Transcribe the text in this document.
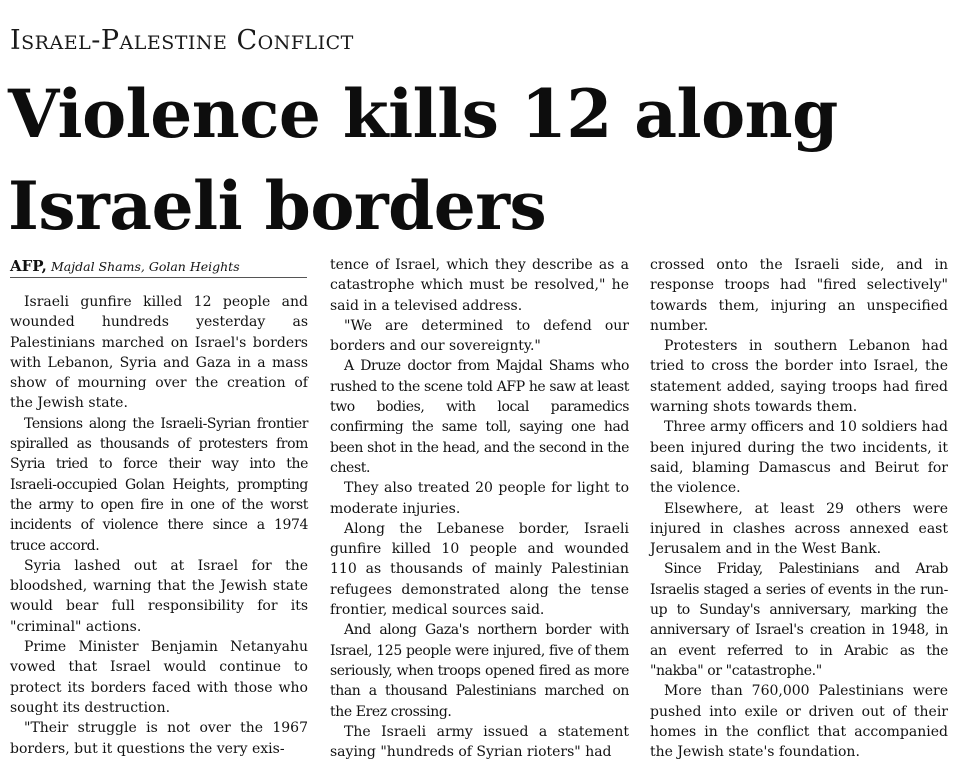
Israel-Palestine Conflict
Violence kills 12 along
Israeli borders
AFP, Majdal Shams, Golan Heights

Israeli gunfire killed 12 people and wounded hundreds yesterday as Palestinians marched on Israel's borders with Lebanon, Syria and Gaza in a mass show of mourning over the creation of the Jewish state.

Tensions along the Israeli-Syrian frontier spiralled as thousands of protesters from Syria tried to force their way into the Israeli-occupied Golan Heights, prompting the army to open fire in one of the worst incidents of violence there since a 1974 truce accord.

Syria lashed out at Israel for the bloodshed, warning that the Jewish state would bear full responsibility for its "criminal" actions.

Prime Minister Benjamin Netanyahu vowed that Israel would continue to protect its borders faced with those who sought its destruction.

"Their struggle is not over the 1967 borders, but it questions the very exis-

tence of Israel, which they describe as a catastrophe which must be resolved," he said in a televised address.

"We are determined to defend our borders and our sovereignty."

A Druze doctor from Majdal Shams who rushed to the scene told AFP he saw at least two bodies, with local paramedics confirming the same toll, saying one had been shot in the head, and the second in the chest.

They also treated 20 people for light to moderate injuries.

Along the Lebanese border, Israeli gunfire killed 10 people and wounded 110 as thousands of mainly Palestinian refugees demonstrated along the tense frontier, medical sources said.

And along Gaza's northern border with Israel, 125 people were injured, five of them seriously, when troops opened fired as more than a thousand Palestinians marched on the Erez crossing.

The Israeli army issued a statement saying "hundreds of Syrian rioters" had

crossed onto the Israeli side, and in response troops had "fired selectively" towards them, injuring an unspecified number.

Protesters in southern Lebanon had tried to cross the border into Israel, the statement added, saying troops had fired warning shots towards them.

Three army officers and 10 soldiers had been injured during the two incidents, it said, blaming Damascus and Beirut for the violence.

Elsewhere, at least 29 others were injured in clashes across annexed east Jerusalem and in the West Bank.

Since Friday, Palestinians and Arab Israelis staged a series of events in the run-up to Sunday's anniversary, marking the anniversary of Israel's creation in 1948, in an event referred to in Arabic as the "nakba" or "catastrophe."

More than 760,000 Palestinians were pushed into exile or driven out of their homes in the conflict that accompanied the Jewish state's foundation.
